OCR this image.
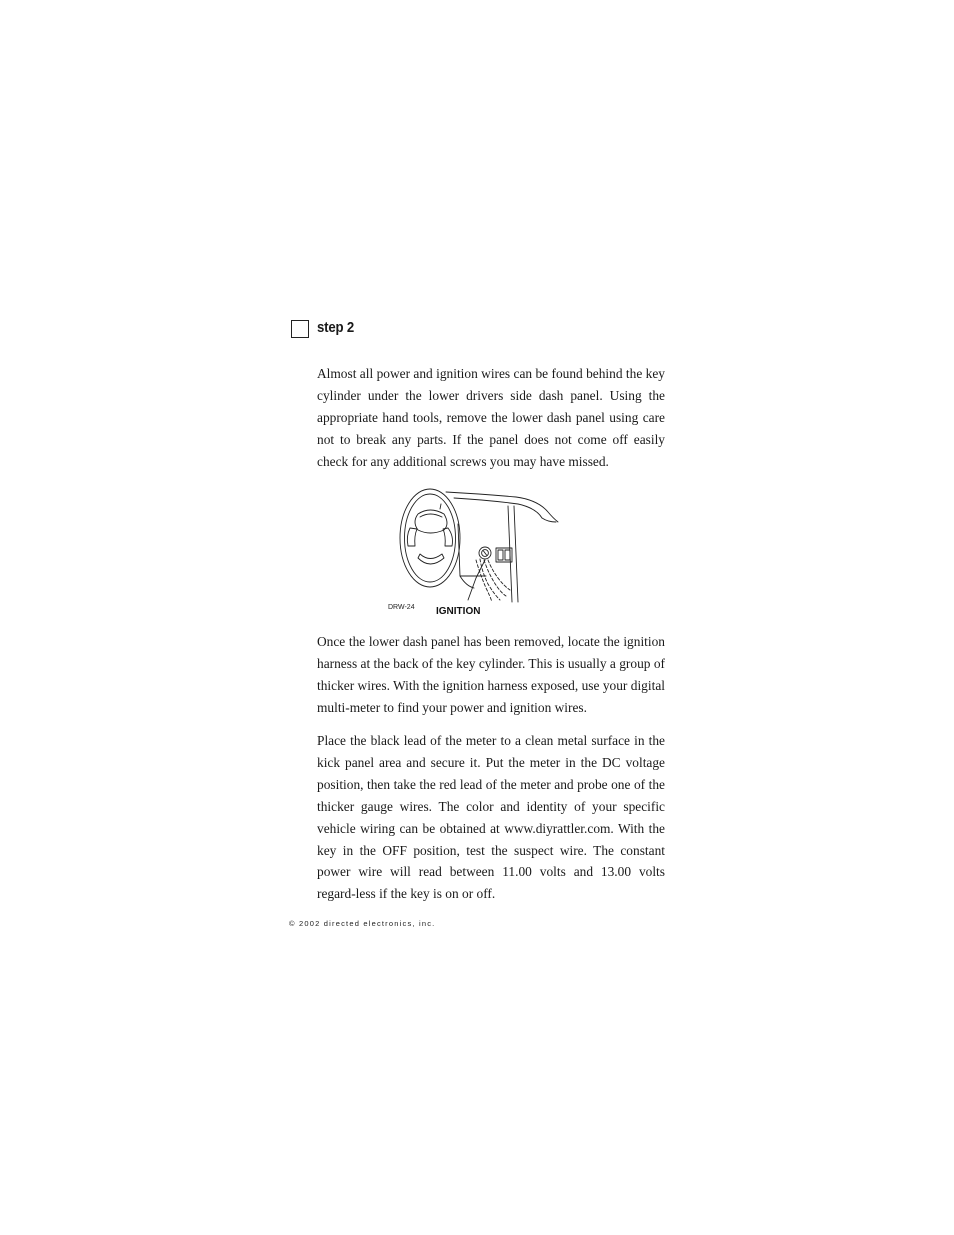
step 2

Almost all power and ignition wires can be found behind the key cylinder under the lower drivers side dash panel. Using the appropriate hand tools, remove the lower dash panel using care not to break any parts. If the panel does not come off easily check for any additional screws you may have missed.

DRW-24 IGNITION

Once the lower dash panel has been removed, locate the ignition harness at the back of the key cylinder. This is usually a group of thicker wires. With the ignition harness exposed, use your digital multi-meter to find your power and ignition wires.

Place the black lead of the meter to a clean metal surface in the kick panel area and secure it. Put the meter in the DC voltage position, then take the red lead of the meter and probe one of the thicker gauge wires. The color and identity of your specific vehicle wiring can be obtained at www.diyrattler.com. With the key in the OFF position, test the suspect wire. The constant power wire will read between 11.00 volts and 13.00 volts regard-less if the key is on or off.

© 2002 directed electronics, inc.
